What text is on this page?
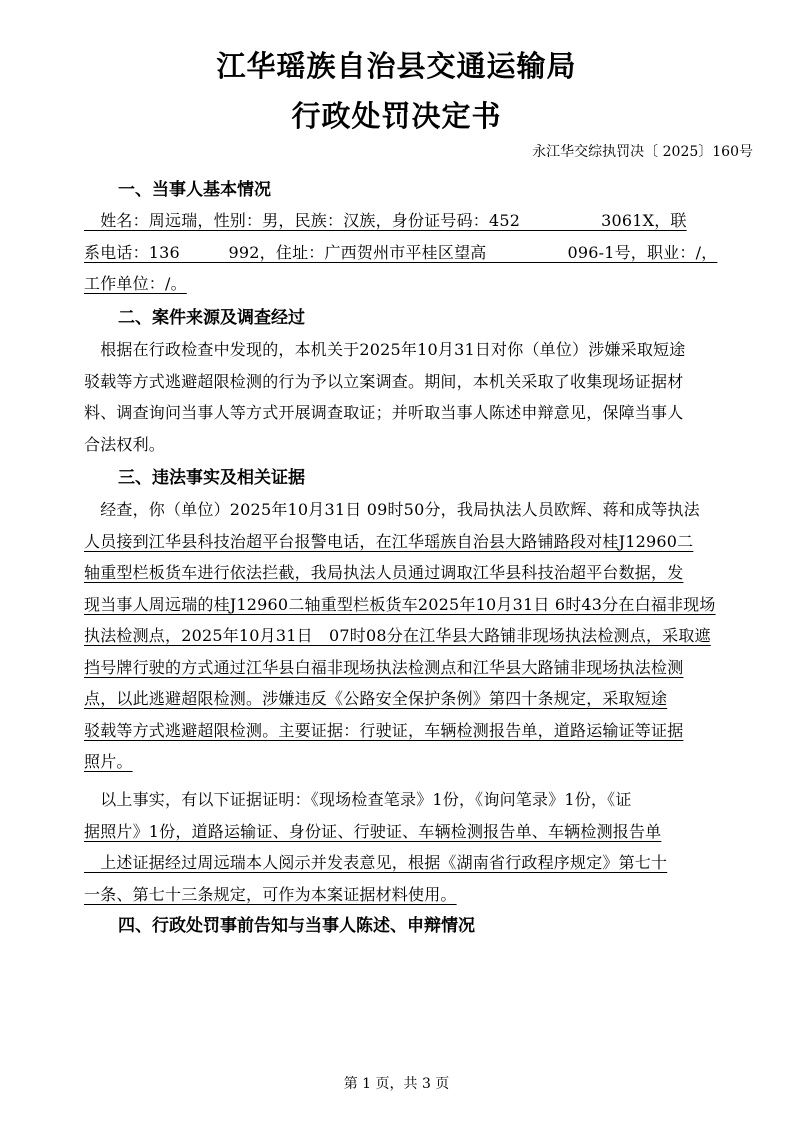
江华瑶族自治县交通运输局
行政处罚决定书
永江华交综执罚决〔 2025〕160号
一、当事人基本情况
　姓名：周远瑞，性别：男，民族：汉族，身份证号码：452　　　　　3061X，联
系电话：136　　　992，住址：广西贺州市平桂区望高　　　　　096-1号，职业：/，
工作单位：/。
二、案件来源及调查经过
　根据在行政检查中发现的，本机关于2025年10月31日对你（单位）涉嫌采取短途
驳载等方式逃避超限检测的行为予以立案调查。期间，本机关采取了收集现场证据材
料、调查询问当事人等方式开展调查取证；并听取当事人陈述申辩意见，保障当事人
合法权利。
三、违法事实及相关证据
　经查，你（单位）2025年10月31日 09时50分，我局执法人员欧辉、蒋和成等执法
人员接到江华县科技治超平台报警电话，在江华瑶族自治县大路铺路段对桂J12960二
轴重型栏板货车进行依法拦截，我局执法人员通过调取江华县科技治超平台数据，发
现当事人周远瑞的桂J12960二轴重型栏板货车2025年10月31日 6时43分在白福非现场
执法检测点，2025年10月31日　07时08分在江华县大路铺非现场执法检测点，采取遮
挡号牌行驶的方式通过江华县白福非现场执法检测点和江华县大路铺非现场执法检测
点，以此逃避超限检测。涉嫌违反《公路安全保护条例》第四十条规定，采取短途
驳载等方式逃避超限检测。主要证据：行驶证，车辆检测报告单，道路运输证等证据
照片。
　以上事实，有以下证据证明：《现场检查笔录》1份，《询问笔录》1份，《证
据照片》1份，道路运输证、身份证、行驶证、车辆检测报告单、车辆检测报告单
　上述证据经过周远瑞本人阅示并发表意见，根据《湖南省行政程序规定》第七十
一条、第七十三条规定，可作为本案证据材料使用。
四、行政处罚事前告知与当事人陈述、申辩情况
第 1 页，共 3 页
